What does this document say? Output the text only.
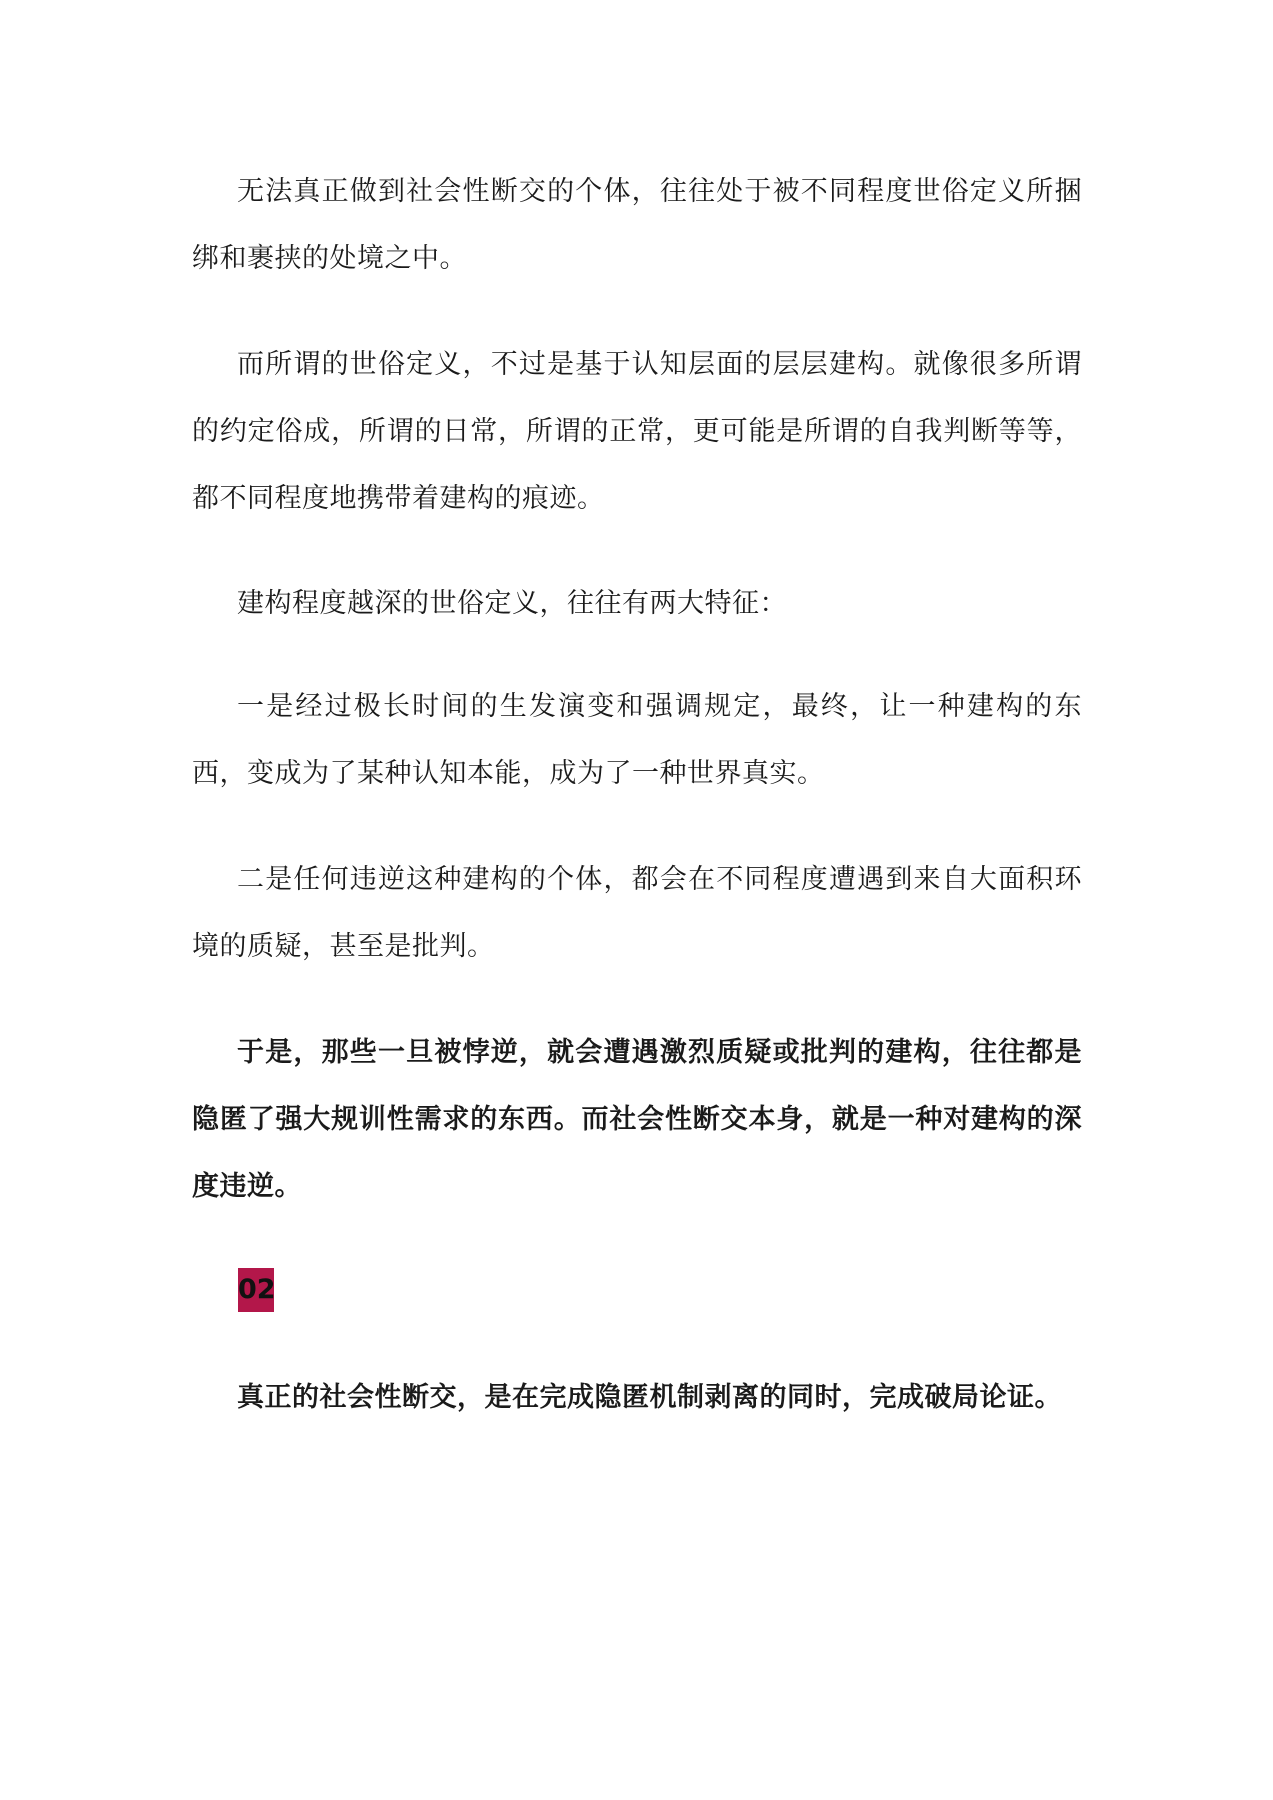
无法真正做到社会性断交的个体，往往处于被不同程度世俗定义所捆绑和裹挟的处境之中。

而所谓的世俗定义，不过是基于认知层面的层层建构。就像很多所谓的约定俗成，所谓的日常，所谓的正常，更可能是所谓的自我判断等等，都不同程度地携带着建构的痕迹。

建构程度越深的世俗定义，往往有两大特征：

一是经过极长时间的生发演变和强调规定，最终，让一种建构的东西，变成为了某种认知本能，成为了一种世界真实。

二是任何违逆这种建构的个体，都会在不同程度遭遇到来自大面积环境的质疑，甚至是批判。

于是，那些一旦被悖逆，就会遭遇激烈质疑或批判的建构，往往都是隐匿了强大规训性需求的东西。而社会性断交本身，就是一种对建构的深度违逆。

02

真正的社会性断交，是在完成隐匿机制剥离的同时，完成破局论证。
